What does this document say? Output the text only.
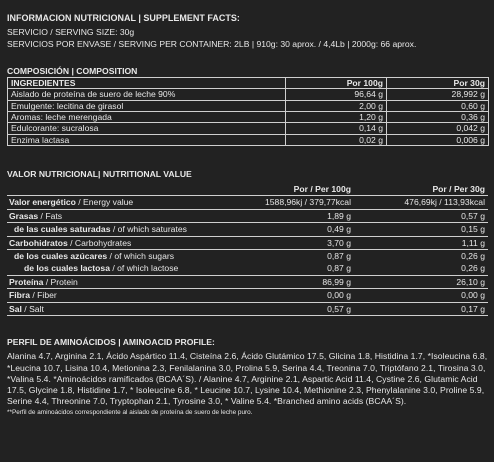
INFORMACION NUTRICIONAL | SUPPLEMENT FACTS:
SERVICIO / SERVING SIZE: 30g
SERVICIOS POR ENVASE / SERVING PER CONTAINER: 2LB | 910g: 30 aprox. / 4,4Lb | 2000g: 66 aprox.
COMPOSICIÓN | COMPOSITION
INGREDIENTES	Por 100g	Por 30g
Aislado de proteína de suero de leche 90%	96,64 g	28,992 g
Emulgente: lecitina de girasol	2,00 g	0,60 g
Aromas: leche merengada	1,20 g	0,36 g
Edulcorante: sucralosa	0,14 g	0,042 g
Enzima lactasa	0,02 g	0,006 g
VALOR NUTRICIONAL| NUTRITIONAL VALUE
	Por / Per 100g	Por / Per 30g
Valor energético / Energy value	1588,96kj / 379,77kcal	476,69kj / 113,93kcal
Grasas / Fats	1,89 g	0,57 g
de las cuales saturadas / of which saturates	0,49 g	0,15 g
Carbohidratos / Carbohydrates	3,70 g	1,11 g
de los cuales azúcares / of which sugars	0,87 g	0,26 g
de los cuales lactosa / of which lactose	0,87 g	0,26 g
Proteína / Protein	86,99 g	26,10 g
Fibra / Fiber	0,00 g	0,00 g
Sal / Salt	0,57 g	0,17 g
PERFIL DE AMINOÁCIDOS | AMINOACID PROFILE:
Alanina 4.7, Arginina 2.1, Ácido Aspártico 11.4, Cisteína 2.6, Ácido Glutámico 17.5, Glicina 1.8, Histidina 1.7, *Isoleucina 6.8, *Leucina 10.7, Lisina 10.4, Metionina 2.3, Fenilalanina 3.0, Prolina 5.9, Serina 4.4, Treonina 7.0, Triptófano 2.1, Tirosina 3.0, *Valina 5.4. *Aminoácidos ramificados (BCAA´S). / Alanine 4.7, Arginine 2.1, Aspartic Acid 11.4, Cystine 2.6, Glutamic Acid 17.5, Glycine 1.8, Histidine 1.7, * Isoleucine 6.8, * Leucine 10.7, Lysine 10.4, Methionine 2.3, Phenylalanine 3.0, Proline 5.9, Serine 4.4, Threonine 7.0, Tryptophan 2.1, Tyrosine 3.0, * Valine 5.4. *Branched amino acids (BCAA´S).
**Perfil de aminoácidos correspondiente al aislado de proteína de suero de leche puro.
